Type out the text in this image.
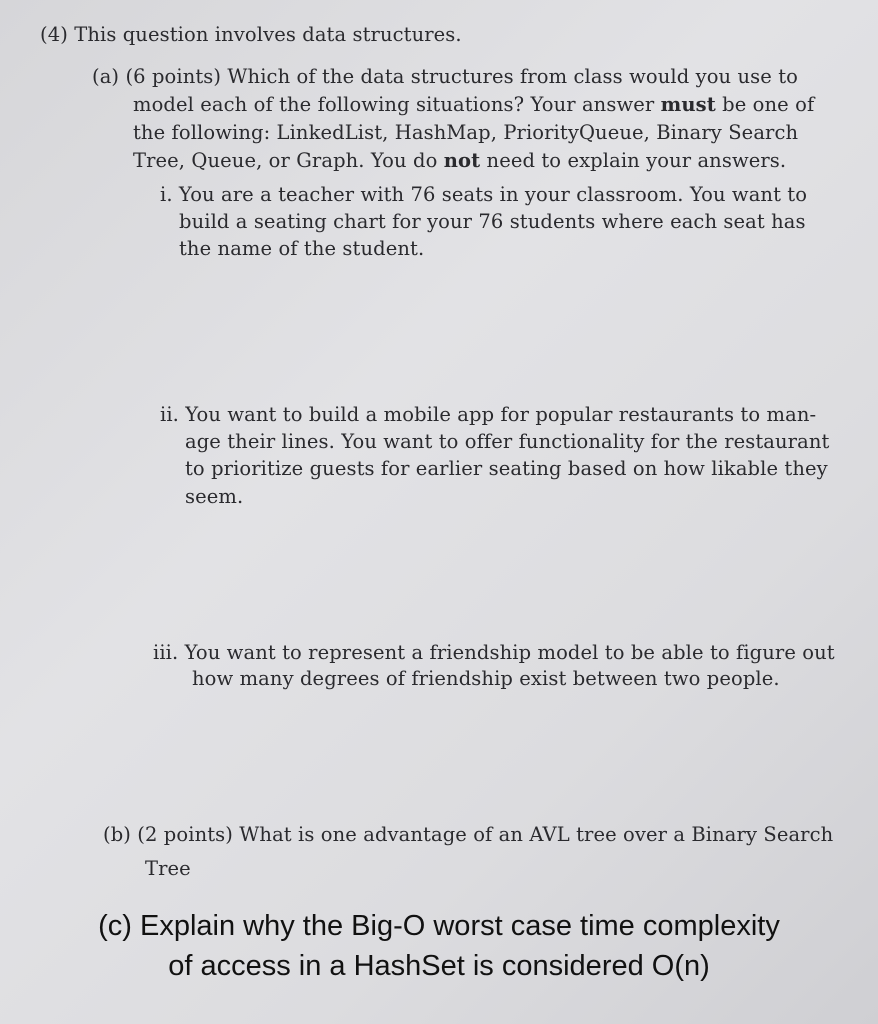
(4) This question involves data structures.
(a) (6 points) Which of the data structures from class would you use to
model each of the following situations? Your answer must be one of
the following: LinkedList, HashMap, PriorityQueue, Binary Search
Tree, Queue, or Graph. You do not need to explain your answers.
i. You are a teacher with 76 seats in your classroom. You want to
build a seating chart for your 76 students where each seat has
the name of the student.
ii. You want to build a mobile app for popular restaurants to man-
age their lines. You want to offer functionality for the restaurant
to prioritize guests for earlier seating based on how likable they
seem.
iii. You want to represent a friendship model to be able to figure out
how many degrees of friendship exist between two people.
(b) (2 points) What is one advantage of an AVL tree over a Binary Search
Tree
(c) Explain why the Big-O worst case time complexity
of access in a HashSet is considered O(n)
